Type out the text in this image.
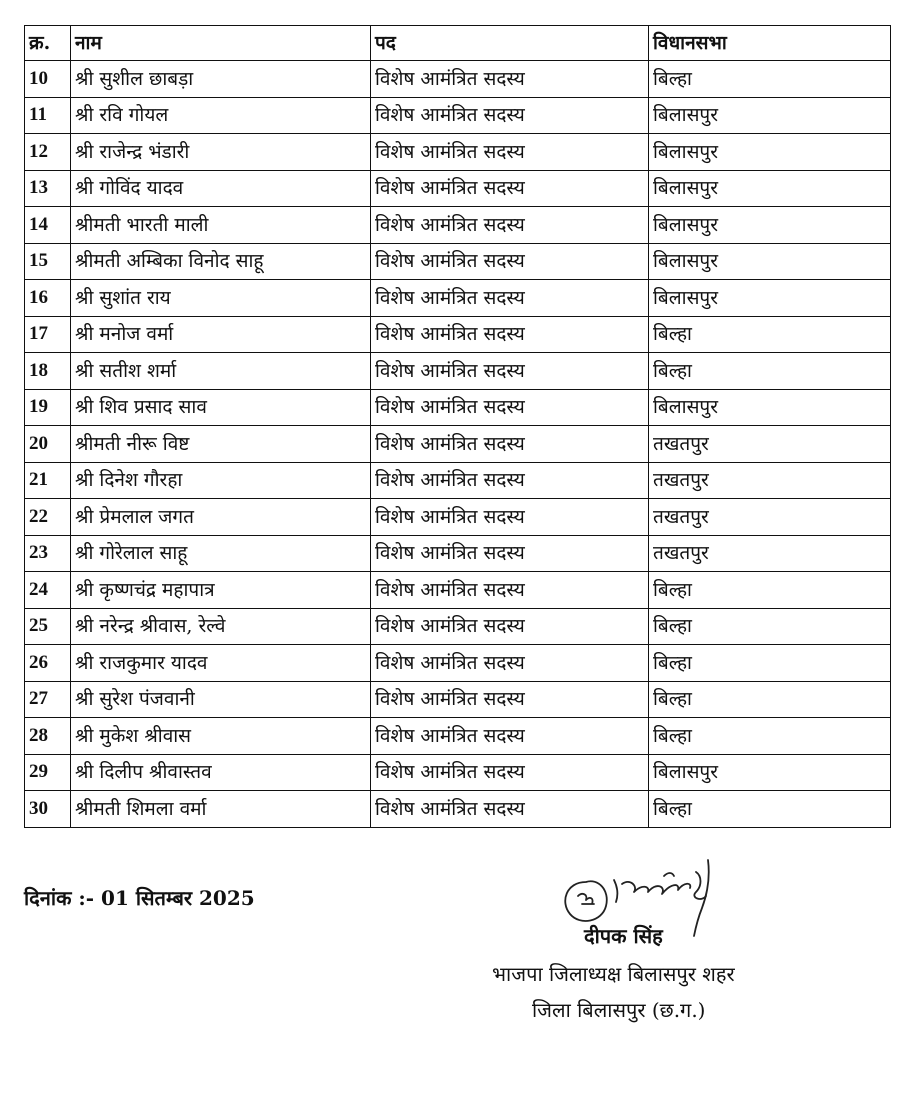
क्र.	नाम	पद	विधानसभा
10	श्री सुशील छाबड़ा	विशेष आमंत्रित सदस्य	बिल्हा
11	श्री रवि गोयल	विशेष आमंत्रित सदस्य	बिलासपुर
12	श्री राजेन्द्र भंडारी	विशेष आमंत्रित सदस्य	बिलासपुर
13	श्री गोविंद यादव	विशेष आमंत्रित सदस्य	बिलासपुर
14	श्रीमती भारती माली	विशेष आमंत्रित सदस्य	बिलासपुर
15	श्रीमती अम्बिका विनोद साहू	विशेष आमंत्रित सदस्य	बिलासपुर
16	श्री सुशांत राय	विशेष आमंत्रित सदस्य	बिलासपुर
17	श्री मनोज वर्मा	विशेष आमंत्रित सदस्य	बिल्हा
18	श्री सतीश शर्मा	विशेष आमंत्रित सदस्य	बिल्हा
19	श्री शिव प्रसाद साव	विशेष आमंत्रित सदस्य	बिलासपुर
20	श्रीमती नीरू विष्ट	विशेष आमंत्रित सदस्य	तखतपुर
21	श्री दिनेश गौरहा	विशेष आमंत्रित सदस्य	तखतपुर
22	श्री प्रेमलाल जगत	विशेष आमंत्रित सदस्य	तखतपुर
23	श्री गोरेलाल साहू	विशेष आमंत्रित सदस्य	तखतपुर
24	श्री कृष्णचंद्र महापात्र	विशेष आमंत्रित सदस्य	बिल्हा
25	श्री नरेन्द्र श्रीवास, रेल्वे	विशेष आमंत्रित सदस्य	बिल्हा
26	श्री राजकुमार यादव	विशेष आमंत्रित सदस्य	बिल्हा
27	श्री सुरेश पंजवानी	विशेष आमंत्रित सदस्य	बिल्हा
28	श्री मुकेश श्रीवास	विशेष आमंत्रित सदस्य	बिल्हा
29	श्री दिलीप श्रीवास्तव	विशेष आमंत्रित सदस्य	बिलासपुर
30	श्रीमती शिमला वर्मा	विशेष आमंत्रित सदस्य	बिल्हा
दिनांक :- 01 सितम्बर 2025
दीपक सिंह
भाजपा जिलाध्यक्ष बिलासपुर शहर
जिला बिलासपुर (छ.ग.)
